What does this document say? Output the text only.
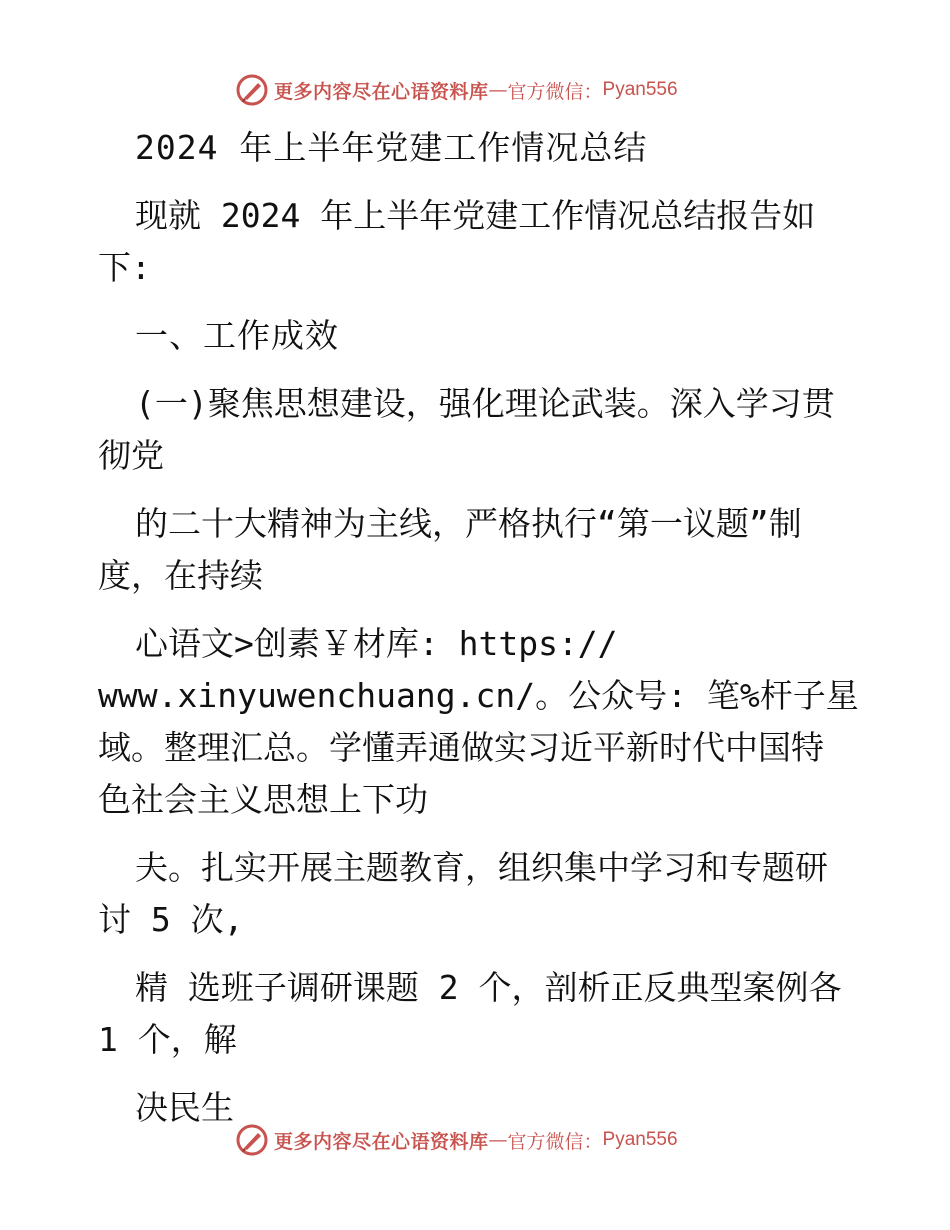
更多内容尽在心语资料库 — 官方微信： Pyan556
2024 年上半年党建工作情况总结
现就 2024 年上半年党建工作情况总结报告如
下:
一、工作成效
(一)聚焦思想建设，强化理论武装。深入学习贯
彻党
的二十大精神为主线，严格执行“第一议题”制
度，在持续
心语文>创素￥材库: https://
www.xinyuwenchuang.cn/。公众号: 笔%杆子星
域。整理汇总。学懂弄通做实习近平新时代中国特
色社会主义思想上下功
夫。扎实开展主题教育，组织集中学习和专题研
讨 5 次,
精 选班子调研课题 2 个，剖析正反典型案例各
1 个，解
决民生
更多内容尽在心语资料库 — 官方微信： Pyan556
